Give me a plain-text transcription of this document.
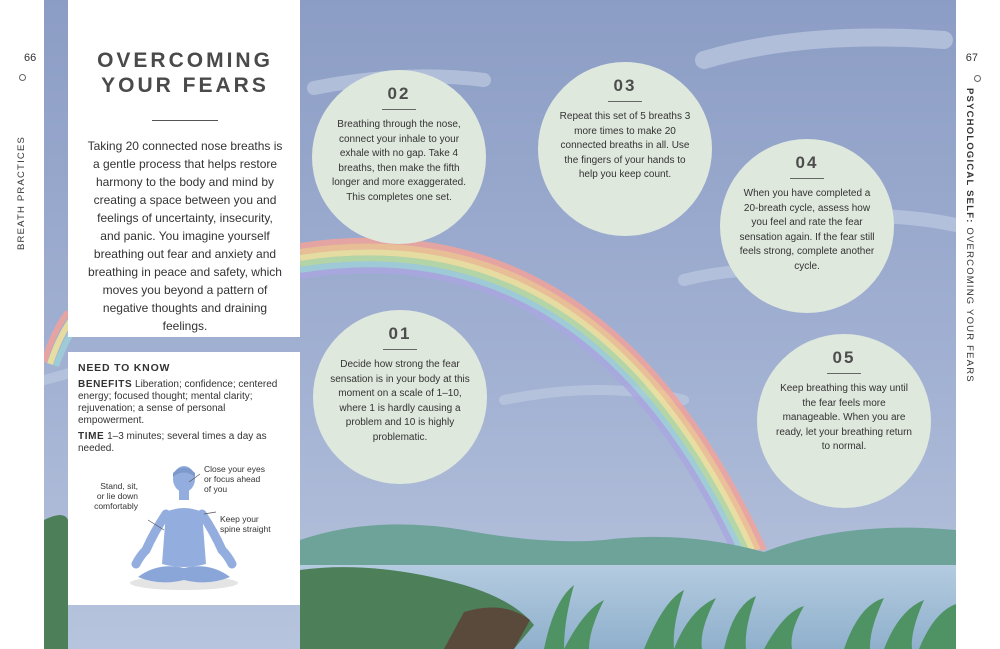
66	67
BREATH PRACTICES	PSYCHOLOGICAL SELF: OVERCOMING YOUR FEARS
OVERCOMING
YOUR FEARS
Taking 20 connected nose breaths is a gentle process that helps restore harmony to the body and mind by creating a space between you and feelings of uncertainty, insecurity, and panic. You imagine yourself breathing out fear and anxiety and breathing in peace and safety, which moves you beyond a pattern of negative thoughts and draining feelings.
NEED TO KNOW
BENEFITS Liberation; confidence; centered energy; focused thought; mental clarity; rejuvenation; a sense of personal empowerment.
TIME 1–3 minutes; several times a day as needed.
Stand, sit,
or lie down
comfortably
Close your eyes
or focus ahead
of you
Keep your
spine straight
01
Decide how strong the fear sensation is in your body at this moment on a scale of 1–10, where 1 is hardly causing a problem and 10 is highly problematic.
02
Breathing through the nose, connect your inhale to your exhale with no gap. Take 4 breaths, then make the fifth longer and more exaggerated. This completes one set.
03
Repeat this set of 5 breaths 3 more times to make 20 connected breaths in all. Use the fingers of your hands to help you keep count.
04
When you have completed a 20-breath cycle, assess how you feel and rate the fear sensation again. If the fear still feels strong, complete another cycle.
05
Keep breathing this way until the fear feels more manageable. When you are ready, let your breathing return to normal.
